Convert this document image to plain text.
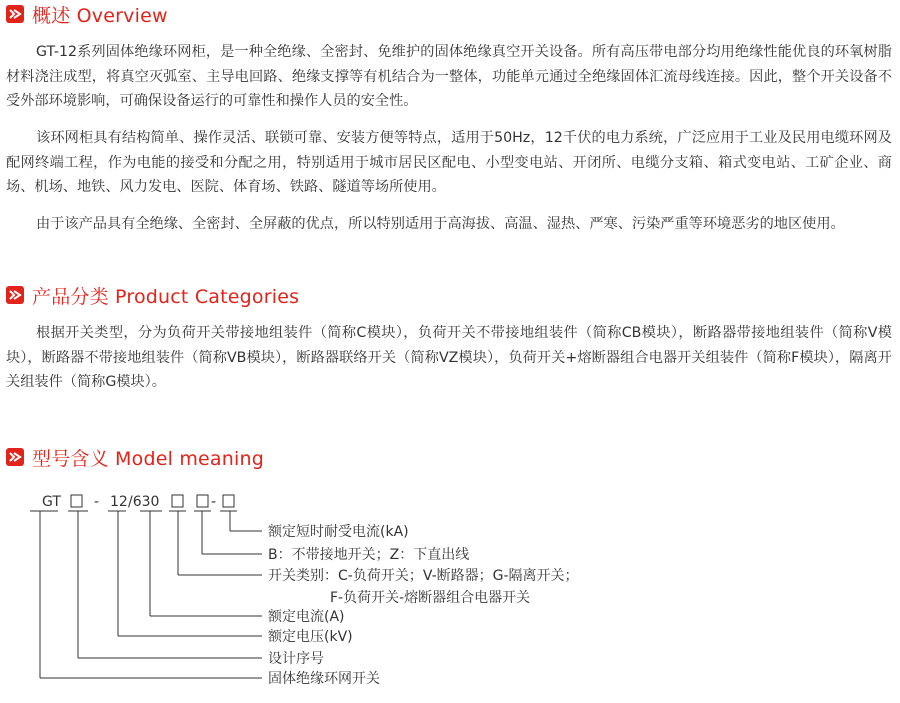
概述 Overview

GT-12系列固体绝缘环网柜，是一种全绝缘、全密封、免维护的固体绝缘真空开关设备。所有高压带电部分均用绝缘性能优良的环氧树脂材料浇注成型，将真空灭弧室、主导电回路、绝缘支撑等有机结合为一整体，功能单元通过全绝缘固体汇流母线连接。因此，整个开关设备不受外部环境影响，可确保设备运行的可靠性和操作人员的安全性。

该环网柜具有结构简单、操作灵活、联锁可靠、安装方便等特点，适用于50Hz，12千伏的电力系统，广泛应用于工业及民用电缆环网及配网终端工程，作为电能的接受和分配之用，特别适用于城市居民区配电、小型变电站、开闭所、电缆分支箱、箱式变电站、工矿企业、商场、机场、地铁、风力发电、医院、体育场、铁路、隧道等场所使用。

由于该产品具有全绝缘、全密封、全屏蔽的优点，所以特别适用于高海拔、高温、湿热、严寒、污染严重等环境恶劣的地区使用。

产品分类 Product Categories

根据开关类型，分为负荷开关带接地组装件（简称C模块），负荷开关不带接地组装件（简称CB模块），断路器带接地组装件（简称V模块），断路器不带接地组装件（简称VB模块），断路器联络开关（简称VZ模块），负荷开关+熔断器组合电器开关组装件（简称F模块），隔离开关组装件（简称G模块）。

型号含义 Model meaning
GT - 12 /630	-
额定短时耐受电流(kA)
B：不带接地开关；Z：下直出线
开关类别：C-负荷开关；V-断路器；G-隔离开关；
F-负荷开关-熔断器组合电器开关
额定电流(A)
额定电压(kV)
设计序号
固体绝缘环网开关
